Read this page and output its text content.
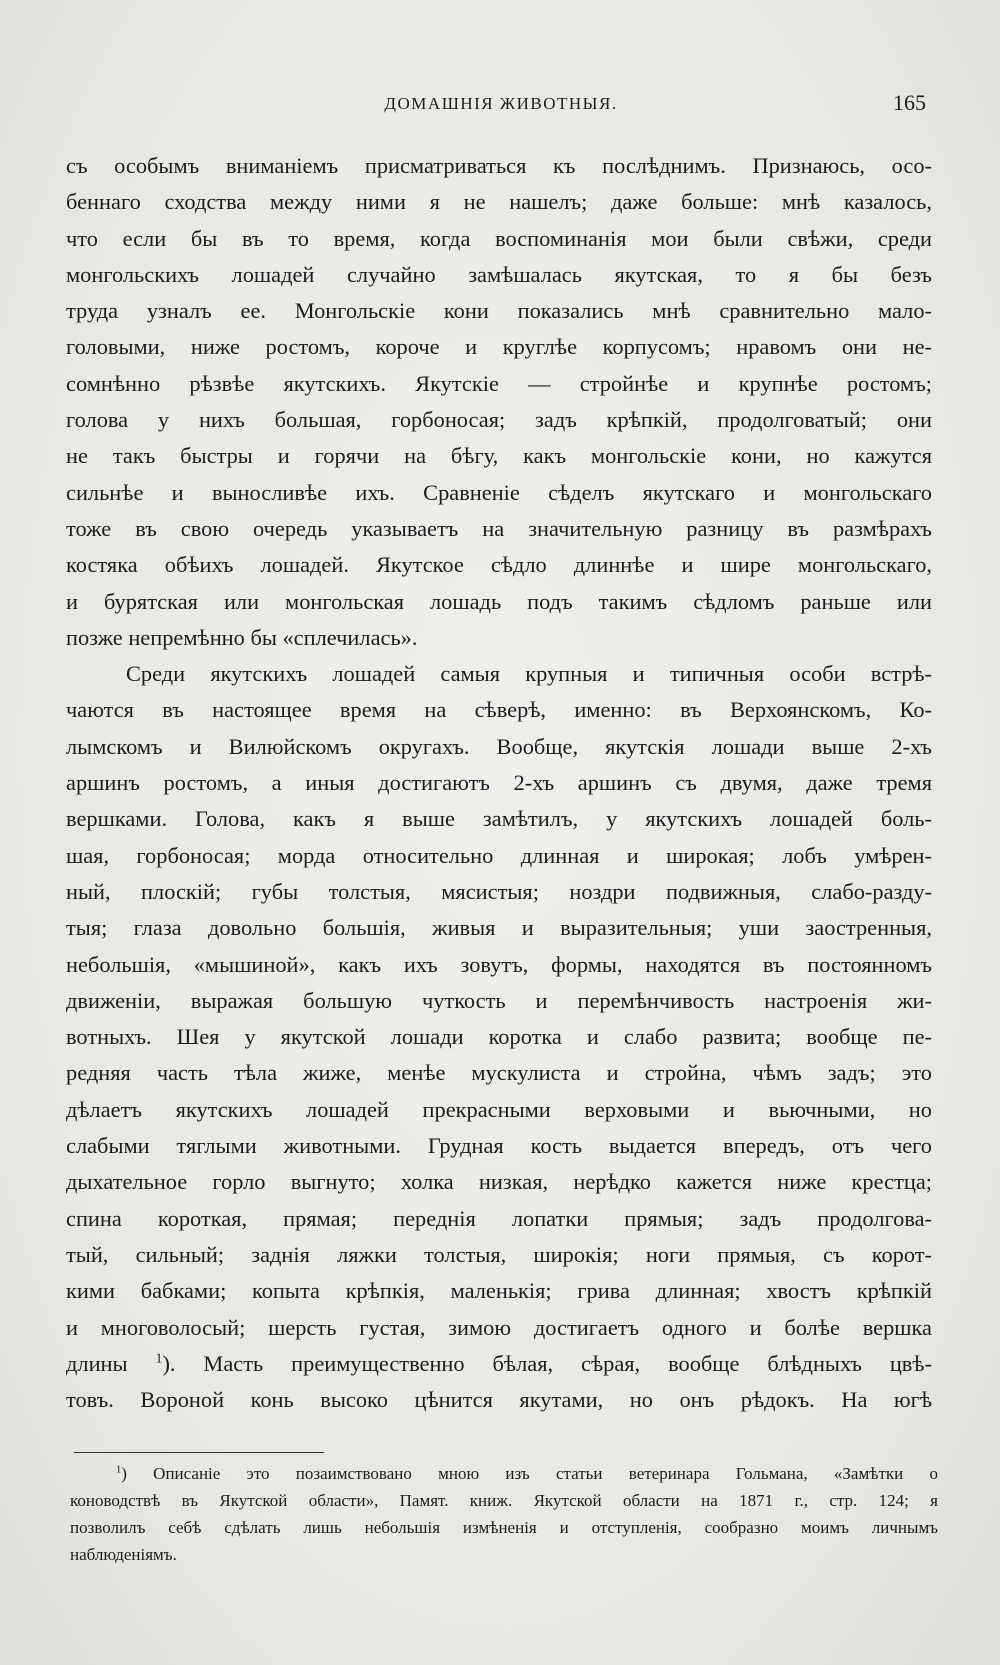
ДОМАШНІЯ ЖИВОТНЫЯ.	165
съ особымъ вниманіемъ присматриваться къ послѣднимъ. Признаюсь, осо-
беннаго сходства между ними я не нашелъ; даже больше: мнѣ казалось,
что если бы въ то время, когда воспоминанія мои были свѣжи, среди
монгольскихъ лошадей случайно замѣшалась якутская, то я бы безъ
труда узналъ ее. Монгольскіе кони показались мнѣ сравнительно мало-
головыми, ниже ростомъ, короче и круглѣе корпусомъ; нравомъ они не-
сомнѣнно рѣзвѣе якутскихъ. Якутскіе — стройнѣе и крупнѣе ростомъ;
голова у нихъ большая, горбоносая; задъ крѣпкій, продолговатый; они
не такъ быстры и горячи на бѣгу, какъ монгольскіе кони, но кажутся
сильнѣе и выносливѣе ихъ. Сравненіе сѣделъ якутскаго и монгольскаго
тоже въ свою очередь указываетъ на значительную разницу въ размѣрахъ
костяка обѣихъ лошадей. Якутское сѣдло длиннѣе и шире монгольскаго,
и бурятская или монгольская лошадь подъ такимъ сѣдломъ раньше или
позже непремѣнно бы «сплечилась».
Среди якутскихъ лошадей самыя крупныя и типичныя особи встрѣ-
чаются въ настоящее время на сѣверѣ, именно: въ Верхоянскомъ, Ко-
лымскомъ и Вилюйскомъ округахъ. Вообще, якутскія лошади выше 2-хъ
аршинъ ростомъ, а иныя достигаютъ 2-хъ аршинъ съ двумя, даже тремя
вершками. Голова, какъ я выше замѣтилъ, у якутскихъ лошадей боль-
шая, горбоносая; морда относительно длинная и широкая; лобъ умѣрен-
ный, плоскій; губы толстыя, мясистыя; ноздри подвижныя, слабо-разду-
тыя; глаза довольно большія, живыя и выразительныя; уши заостренныя,
небольшія, «мышиной», какъ ихъ зовутъ, формы, находятся въ постоянномъ
движеніи, выражая большую чуткость и перемѣнчивость настроенія жи-
вотныхъ. Шея у якутской лошади коротка и слабо развита; вообще пе-
редняя часть тѣла жиже, менѣе мускулиста и стройна, чѣмъ задъ; это
дѣлаетъ якутскихъ лошадей прекрасными верховыми и вьючными, но
слабыми тяглыми животными. Грудная кость выдается впередъ, отъ чего
дыхательное горло выгнуто; холка низкая, нерѣдко кажется ниже крестца;
спина короткая, прямая; переднія лопатки прямыя; задъ продолгова-
тый, сильный; заднія ляжки толстыя, широкія; ноги прямыя, съ корот-
кими бабками; копыта крѣпкія, маленькія; грива длинная; хвостъ крѣпкій
и многоволосый; шерсть густая, зимою достигаетъ одного и болѣе вершка
длины $^1$). Масть преимущественно бѣлая, сѣрая, вообще блѣдныхъ цвѣ-
товъ. Вороной конь высоко цѣнится якутами, но онъ рѣдокъ. На югѣ
$^1$) Описаніе это позаимствовано мною изъ статьи ветеринара Гольмана, «Замѣтки о
коноводствѣ въ Якутской области», Памят. книж. Якутской области на 1871 г., стр. 124; я
позволилъ себѣ сдѣлать лишь небольшія измѣненія и отступленія, сообразно моимъ личнымъ
наблюденіямъ.
